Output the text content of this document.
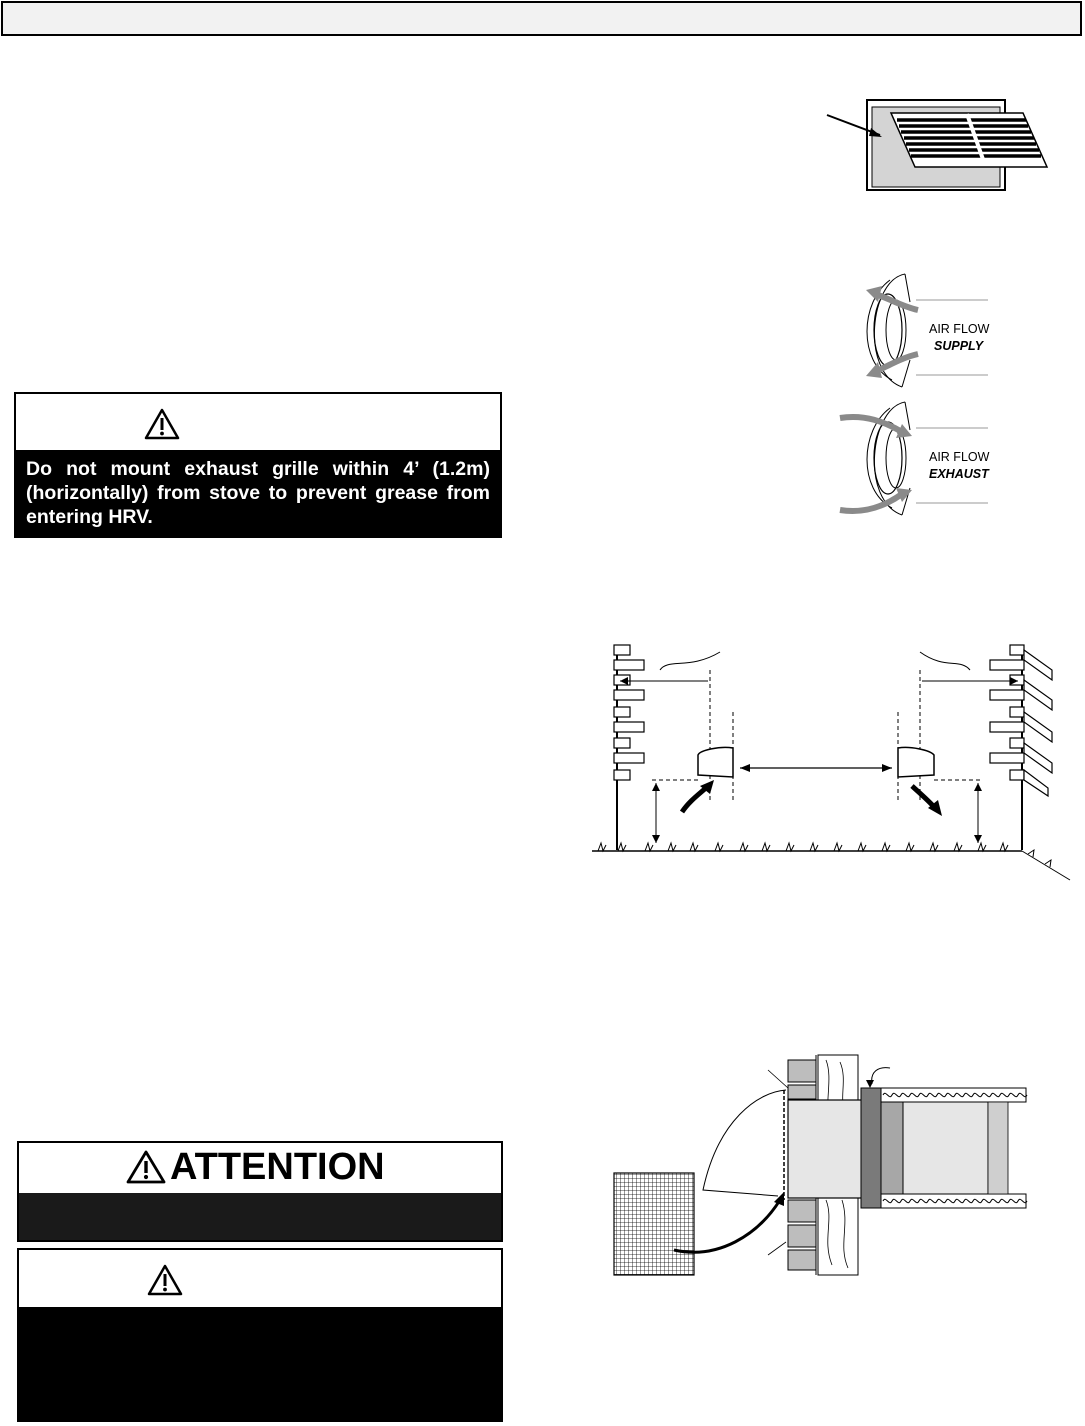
Do not mount exhaust grille within 4’ (1.2m) (horizontally) from stove to prevent grease from entering HRV.

ATTENTION
AIR FLOW
SUPPLY
AIR FLOW
EXHAUST
